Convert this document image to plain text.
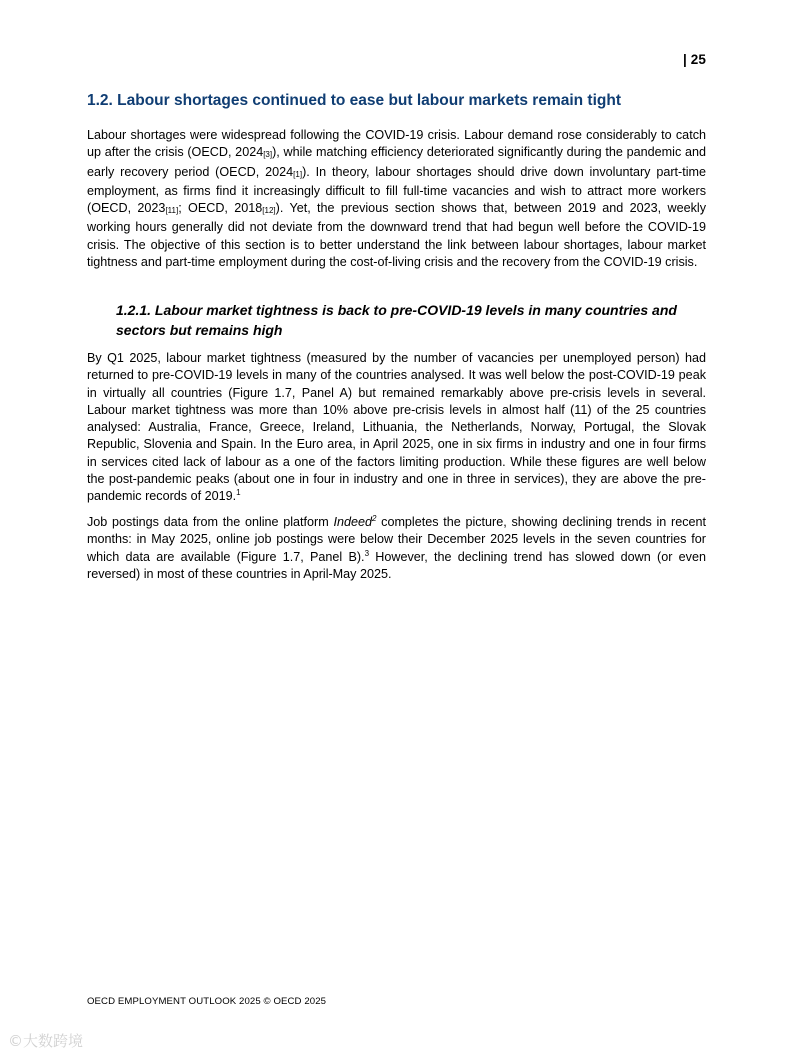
| 25
1.2. Labour shortages continued to ease but labour markets remain tight

Labour shortages were widespread following the COVID-19 crisis. Labour demand rose considerably to catch up after the crisis (OECD, 2024[3]), while matching efficiency deteriorated significantly during the pandemic and early recovery period (OECD, 2024[1]). In theory, labour shortages should drive down involuntary part-time employment, as firms find it increasingly difficult to fill full-time vacancies and wish to attract more workers (OECD, 2023[11]; OECD, 2018[12]). Yet, the previous section shows that, between 2019 and 2023, weekly working hours generally did not deviate from the downward trend that had begun well before the COVID-19 crisis. The objective of this section is to better understand the link between labour shortages, labour market tightness and part-time employment during the cost-of-living crisis and the recovery from the COVID-19 crisis.

1.2.1. Labour market tightness is back to pre-COVID-19 levels in many countries and sectors but remains high

By Q1 2025, labour market tightness (measured by the number of vacancies per unemployed person) had returned to pre-COVID-19 levels in many of the countries analysed. It was well below the post-COVID-19 peak in virtually all countries (Figure 1.7, Panel A) but remained remarkably above pre-crisis levels in several. Labour market tightness was more than 10% above pre-crisis levels in almost half (11) of the 25 countries analysed: Australia, France, Greece, Ireland, Lithuania, the Netherlands, Norway, Portugal, the Slovak Republic, Slovenia and Spain. In the Euro area, in April 2025, one in six firms in industry and one in four firms in services cited lack of labour as a one of the factors limiting production. While these figures are well below the post-pandemic peaks (about one in four in industry and one in three in services), they are above the pre-pandemic records of 2019.$^1$

Job postings data from the online platform Indeed$^2$ completes the picture, showing declining trends in recent months: in May 2025, online job postings were below their December 2025 levels in the seven countries for which data are available (Figure 1.7, Panel B).$^3$ However, the declining trend has slowed down (or even reversed) in most of these countries in April-May 2025.

OECD EMPLOYMENT OUTLOOK 2025 © OECD 2025
©大数跨境
